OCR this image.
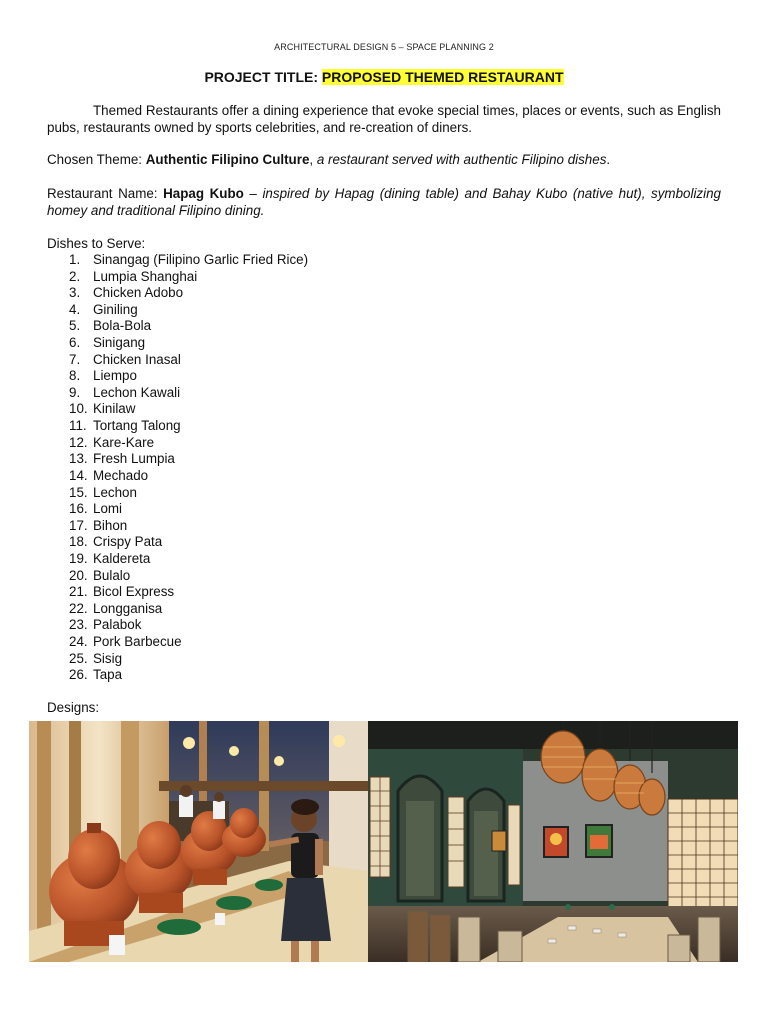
ARCHITECTURAL DESIGN 5 – SPACE PLANNING 2
PROJECT TITLE: PROPOSED THEMED RESTAURANT
Themed Restaurants offer a dining experience that evoke special times, places or events, such as English pubs, restaurants owned by sports celebrities, and re-creation of diners.
Chosen Theme: Authentic Filipino Culture, a restaurant served with authentic Filipino dishes.
Restaurant Name: Hapag Kubo – inspired by Hapag (dining table) and Bahay Kubo (native hut), symbolizing homey and traditional Filipino dining.
Dishes to Serve:
1. Sinangag (Filipino Garlic Fried Rice)
2. Lumpia Shanghai
3. Chicken Adobo
4. Giniling
5. Bola-Bola
6. Sinigang
7. Chicken Inasal
8. Liempo
9. Lechon Kawali
10. Kinilaw
11. Tortang Talong
12. Kare-Kare
13. Fresh Lumpia
14. Mechado
15. Lechon
16. Lomi
17. Bihon
18. Crispy Pata
19. Kaldereta
20. Bulalo
21. Bicol Express
22. Longganisa
23. Palabok
24. Pork Barbecue
25. Sisig
26. Tapa
Designs:
